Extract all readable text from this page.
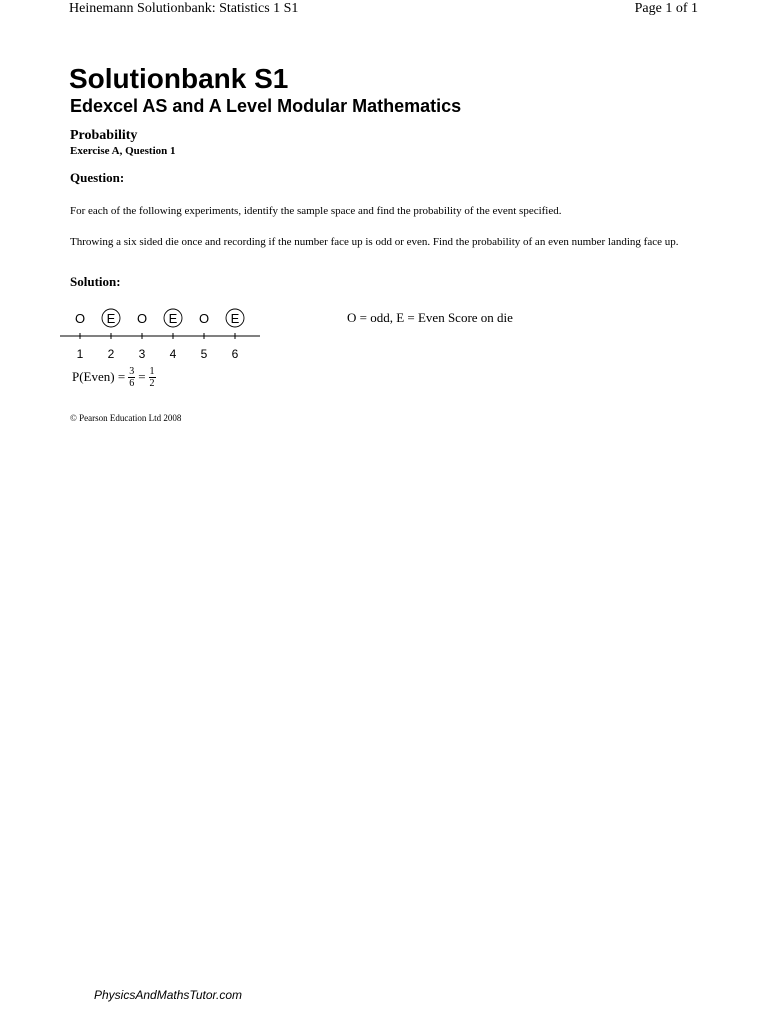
Heinemann Solutionbank: Statistics 1 S1	Page 1 of 1
Solutionbank S1
Edexcel AS and A Level Modular Mathematics
Probability
Exercise A, Question 1
Question:
For each of the following experiments, identify the sample space and find the probability of the event specified.
Throwing a six sided die once and recording if the number face up is odd or even. Find the probability of an even number landing face up.
Solution:
O
1
E
2
O
3
E
4
O
5
E
6
O = odd, E = Even Score on die
P(Even) = $\frac{3}{6} = \frac{1}{2}$
© Pearson Education Ltd 2008
PhysicsAndMathsTutor.com
